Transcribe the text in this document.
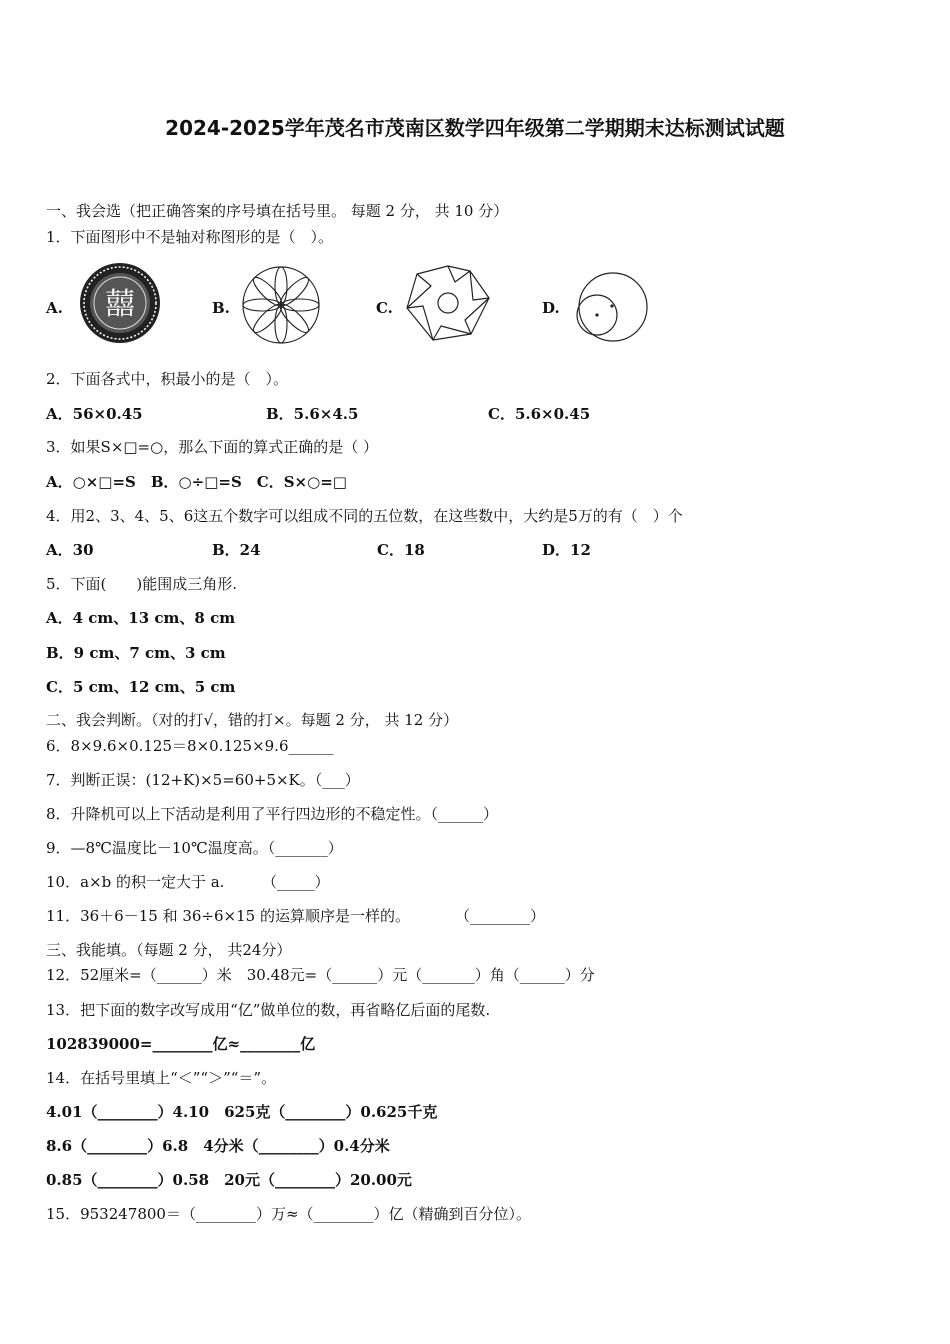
2024-2025学年茂名市茂南区数学四年级第二学期期末达标测试试题
一、我会选（把正确答案的序号填在括号里。 每题 2 分， 共 10 分）
1．下面图形中不是轴对称图形的是（　）。
A. 囍	B.	C.	D.
2．下面各式中，积最小的是（　）。
A．56×0.45	B．5.6×4.5	C．5.6×0.45
3．如果S×□=○，那么下面的算式正确的是（ ）
A．○×□=S　B．○÷□=S　C．S×○=□
4．用2、3、4、5、6这五个数字可以组成不同的五位数，在这些数中，大约是5万的有（　）个
A．30	B．24	C．18	D．12
5．下面(　　)能围成三角形.
A．4 cm、13 cm、8 cm
B．9 cm、7 cm、3 cm
C．5 cm、12 cm、5 cm
二、我会判断。（对的打√，错的打×。每题 2 分， 共 12 分）
6．8×9.6×0.125＝8×0.125×9.6______
7．判断正误：(12+K)×5=60+5×K。（___）
8．升降机可以上下活动是利用了平行四边形的不稳定性。（______）
9．—8℃温度比－10℃温度高。（_______）
10．a×b 的积一定大于 a.　　　（_____）
11．36＋6－15 和 36÷6×15 的运算顺序是一样的。　　　　（________）
三、我能填。（每题 2 分， 共24分）
12．52厘米=（______）米　30.48元=（______）元（_______）角（______）分
13．把下面的数字改写成用“亿”做单位的数，再省略亿后面的尾数.
102839000=________亿≈________亿
14．在括号里填上“＜”“＞”“＝”。
4.01（________）4.10　625克（________）0.625千克
8.6（________）6.8　4分米（________）0.4分米
0.85（________）0.58　20元（________）20.00元
15．953247800＝（________）万≈（________）亿（精确到百分位）。
